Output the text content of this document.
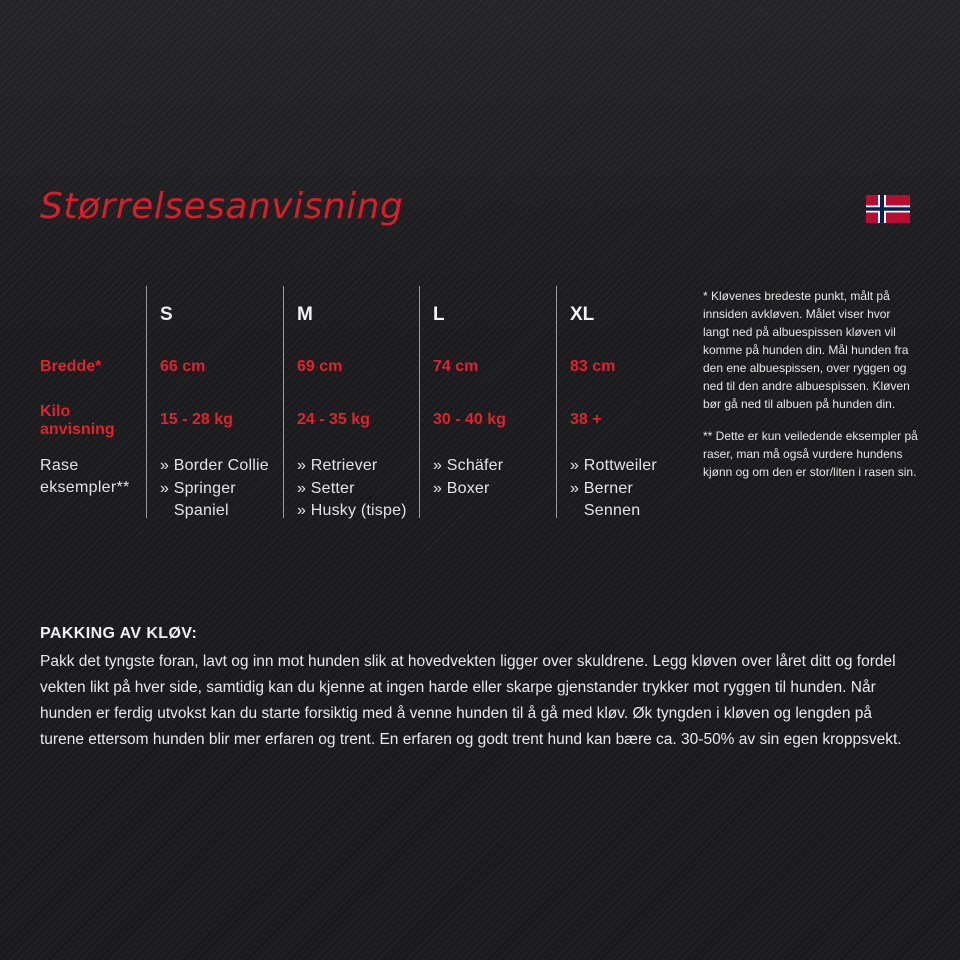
Størrelsesanvisning
Bredde*
Kilo
anvisning
Rase
eksempler**
S
66 cm
15 - 28 kg
» Border Collie
» Springer
Spaniel
M
69 cm
24 - 35 kg
» Retriever
» Setter
» Husky (tispe)
L
74 cm
30 - 40 kg
» Schäfer
» Boxer
XL
83 cm
38 +
» Rottweiler
» Berner
Sennen

* Kløvenes bredeste punkt, målt på innsiden avkløven. Målet viser hvor langt ned på albuespissen kløven vil komme på hunden din. Mål hunden fra den ene albuespissen, over ryggen og ned til den andre albuespissen. Kløven bør gå ned til albuen på hunden din.

** Dette er kun veiledende eksempler på raser, man må også vurdere hundens kjønn og om den er stor/liten i rasen sin.

PAKKING AV KLØV:

Pakk det tyngste foran, lavt og inn mot hunden slik at hovedvekten ligger over skuldrene. Legg kløven over låret ditt og fordel vekten likt på hver side, samtidig kan du kjenne at ingen harde eller skarpe gjenstander trykker mot ryggen til hunden. Når hunden er ferdig utvokst kan du starte forsiktig med å venne hunden til å gå med kløv. Øk tyngden i kløven og lengden på turene ettersom hunden blir mer erfaren og trent. En erfaren og godt trent hund kan bære ca. 30-50% av sin egen kroppsvekt.
